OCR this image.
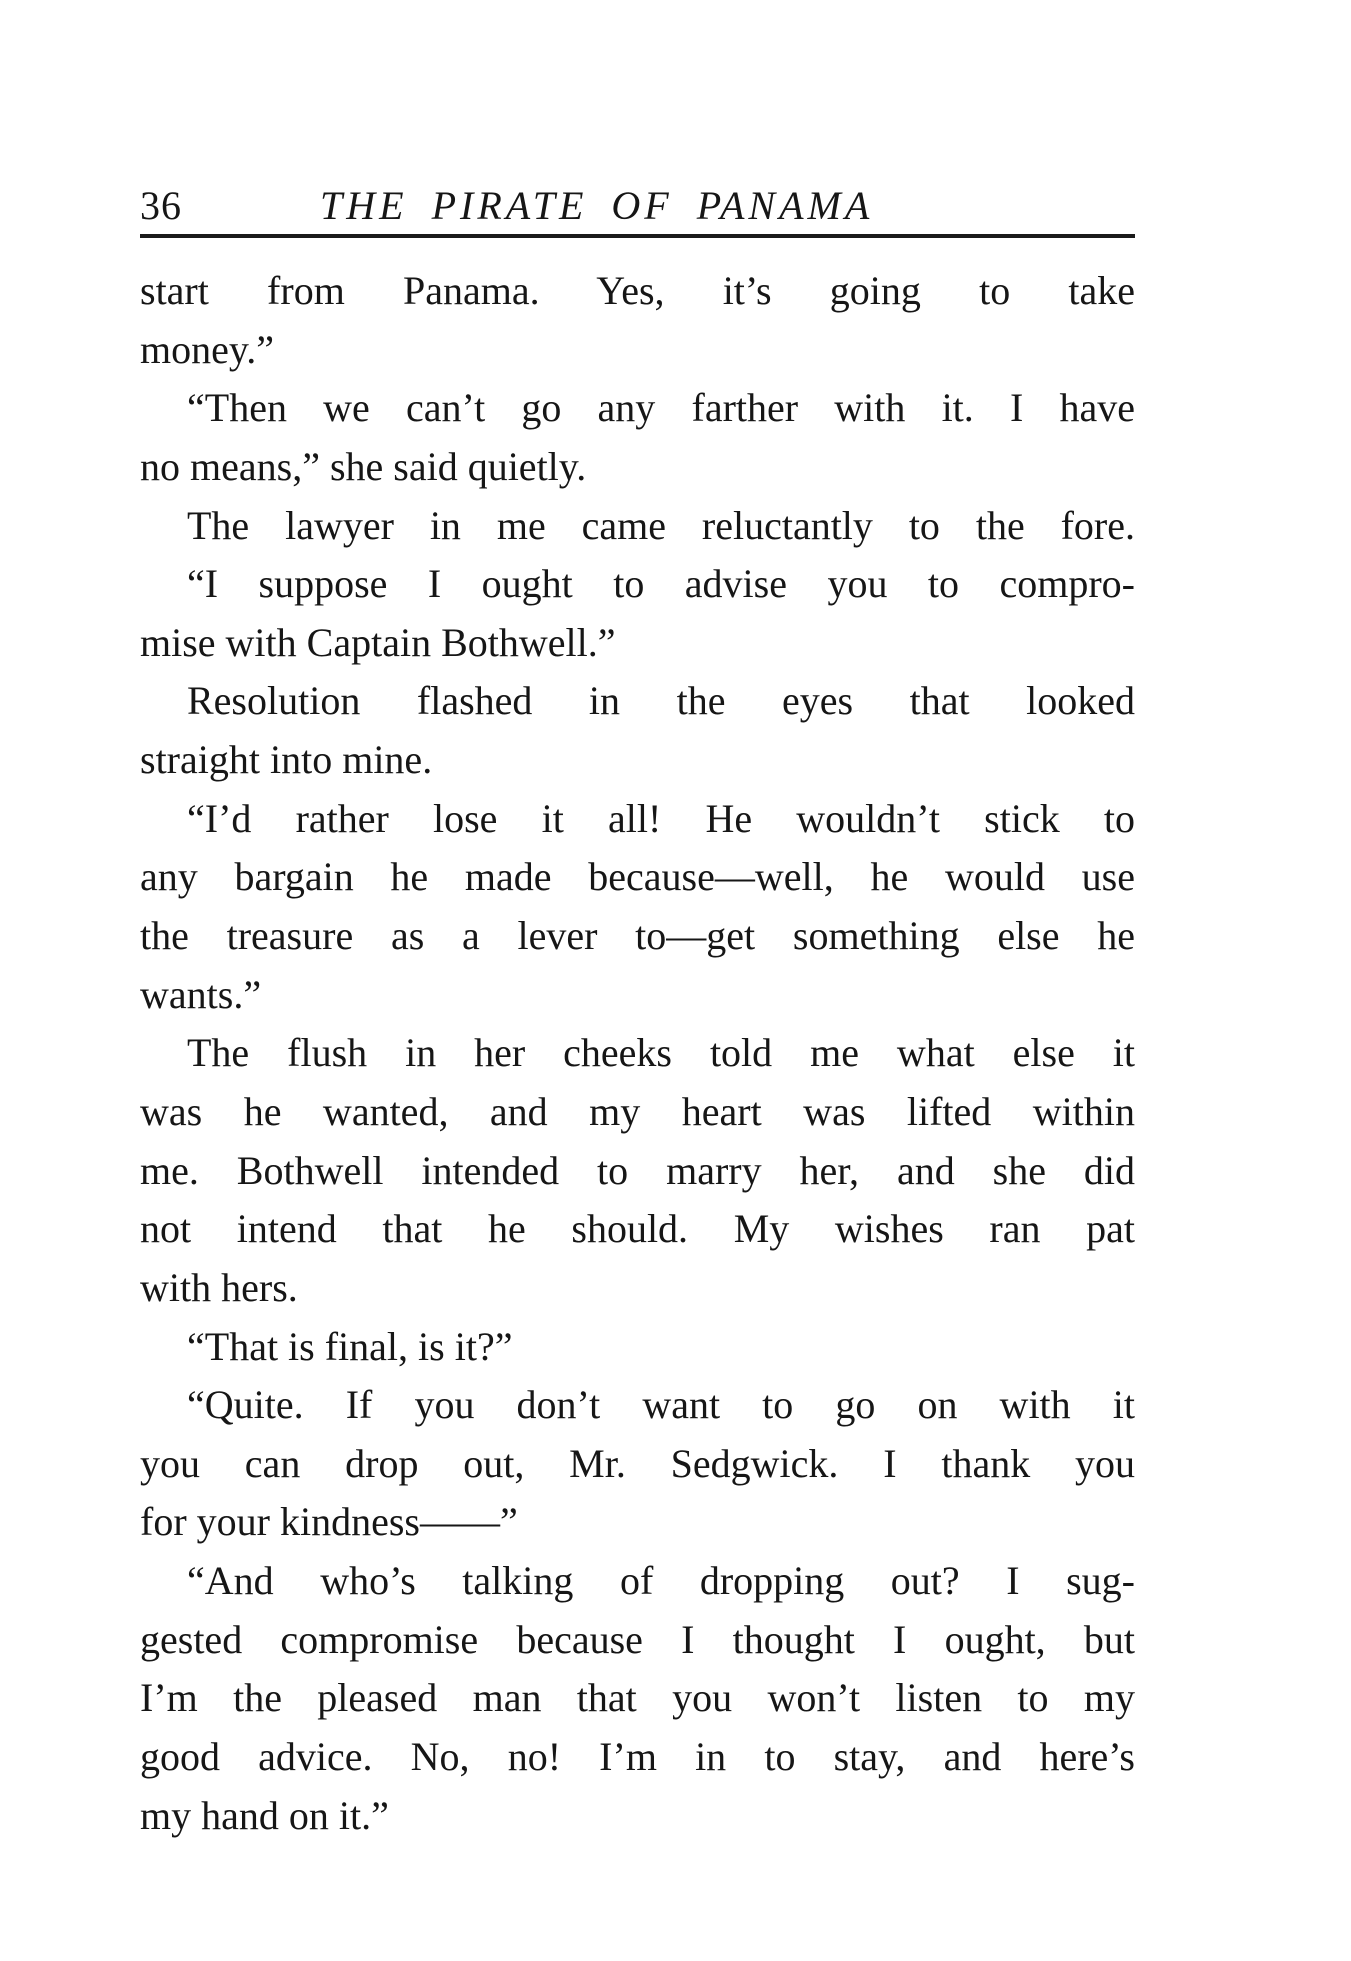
36	THE PIRATE OF PANAMA
start from Panama. Yes, it’s going to take
money.”
“Then we can’t go any farther with it. I have
no means,” she said quietly.
The lawyer in me came reluctantly to the fore.
“I suppose I ought to advise you to compro-
mise with Captain Bothwell.”
Resolution flashed in the eyes that looked
straight into mine.
“I’d rather lose it all! He wouldn’t stick to
any bargain he made because—well, he would use
the treasure as a lever to—get something else he
wants.”
The flush in her cheeks told me what else it
was he wanted, and my heart was lifted within
me. Bothwell intended to marry her, and she did
not intend that he should. My wishes ran pat
with hers.
“That is final, is it?”
“Quite. If you don’t want to go on with it
you can drop out, Mr. Sedgwick. I thank you
for your kindness——”
“And who’s talking of dropping out? I sug-
gested compromise because I thought I ought, but
I’m the pleased man that you won’t listen to my
good advice. No, no! I’m in to stay, and here’s
my hand on it.”
